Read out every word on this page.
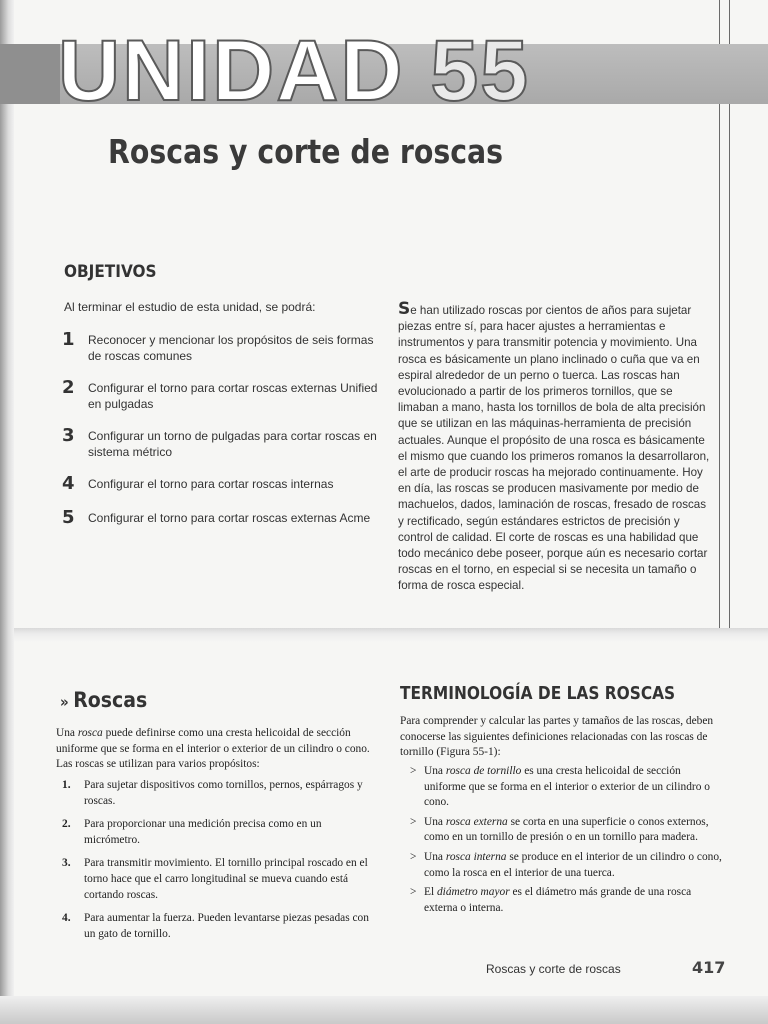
UNIDAD 55
Roscas y corte de roscas
OBJETIVOS
Al terminar el estudio de esta unidad, se podrá:
1	Reconocer y mencionar los propósitos de seis formas de roscas comunes
2	Configurar el torno para cortar roscas externas Unified en pulgadas
3	Configurar un torno de pulgadas para cortar roscas en sistema métrico
4	Configurar el torno para cortar roscas internas
5	Configurar el torno para cortar roscas externas Acme

Se han utilizado roscas por cientos de años para sujetar piezas entre sí, para hacer ajustes a herramientas e instrumentos y para transmitir potencia y movimiento. Una rosca es básicamente un plano inclinado o cuña que va en espiral alrededor de un perno o tuerca. Las roscas han evolucionado a partir de los primeros tornillos, que se limaban a mano, hasta los tornillos de bola de alta precisión que se utilizan en las máquinas-herramienta de precisión actuales. Aunque el propósito de una rosca es básicamente el mismo que cuando los primeros romanos la desarrollaron, el arte de producir roscas ha mejorado continuamente. Hoy en día, las roscas se producen masivamente por medio de machuelos, dados, laminación de roscas, fresado de roscas y rectificado, según estándares estrictos de precisión y control de calidad. El corte de roscas es una habilidad que todo mecánico debe poseer, porque aún es necesario cortar roscas en el torno, en especial si se necesita un tamaño o forma de rosca especial.

» Roscas

Una rosca puede definirse como una cresta helicoidal de sección uniforme que se forma en el interior o exterior de un cilindro o cono. Las roscas se utilizan para varios propósitos:

1.	Para sujetar dispositivos como tornillos, pernos, espárragos y roscas.
2.	Para proporcionar una medición precisa como en un micrómetro.
3.	Para transmitir movimiento. El tornillo principal roscado en el torno hace que el carro longitudinal se mueva cuando está cortando roscas.
4.	Para aumentar la fuerza. Pueden levantarse piezas pesadas con un gato de tornillo.
TERMINOLOGÍA DE LAS ROSCAS

Para comprender y calcular las partes y tamaños de las roscas, deben conocerse las siguientes definiciones relacionadas con las roscas de tornillo (Figura 55-1):

> Una rosca de tornillo es una cresta helicoidal de sección uniforme que se forma en el interior o exterior de un cilindro o cono.
> Una rosca externa se corta en una superficie o conos externos, como en un tornillo de presión o en un tornillo para madera.
> Una rosca interna se produce en el interior de un cilindro o cono, como la rosca en el interior de una tuerca.
> El diámetro mayor es el diámetro más grande de una rosca externa o interna.
Roscas y corte de roscas	417
